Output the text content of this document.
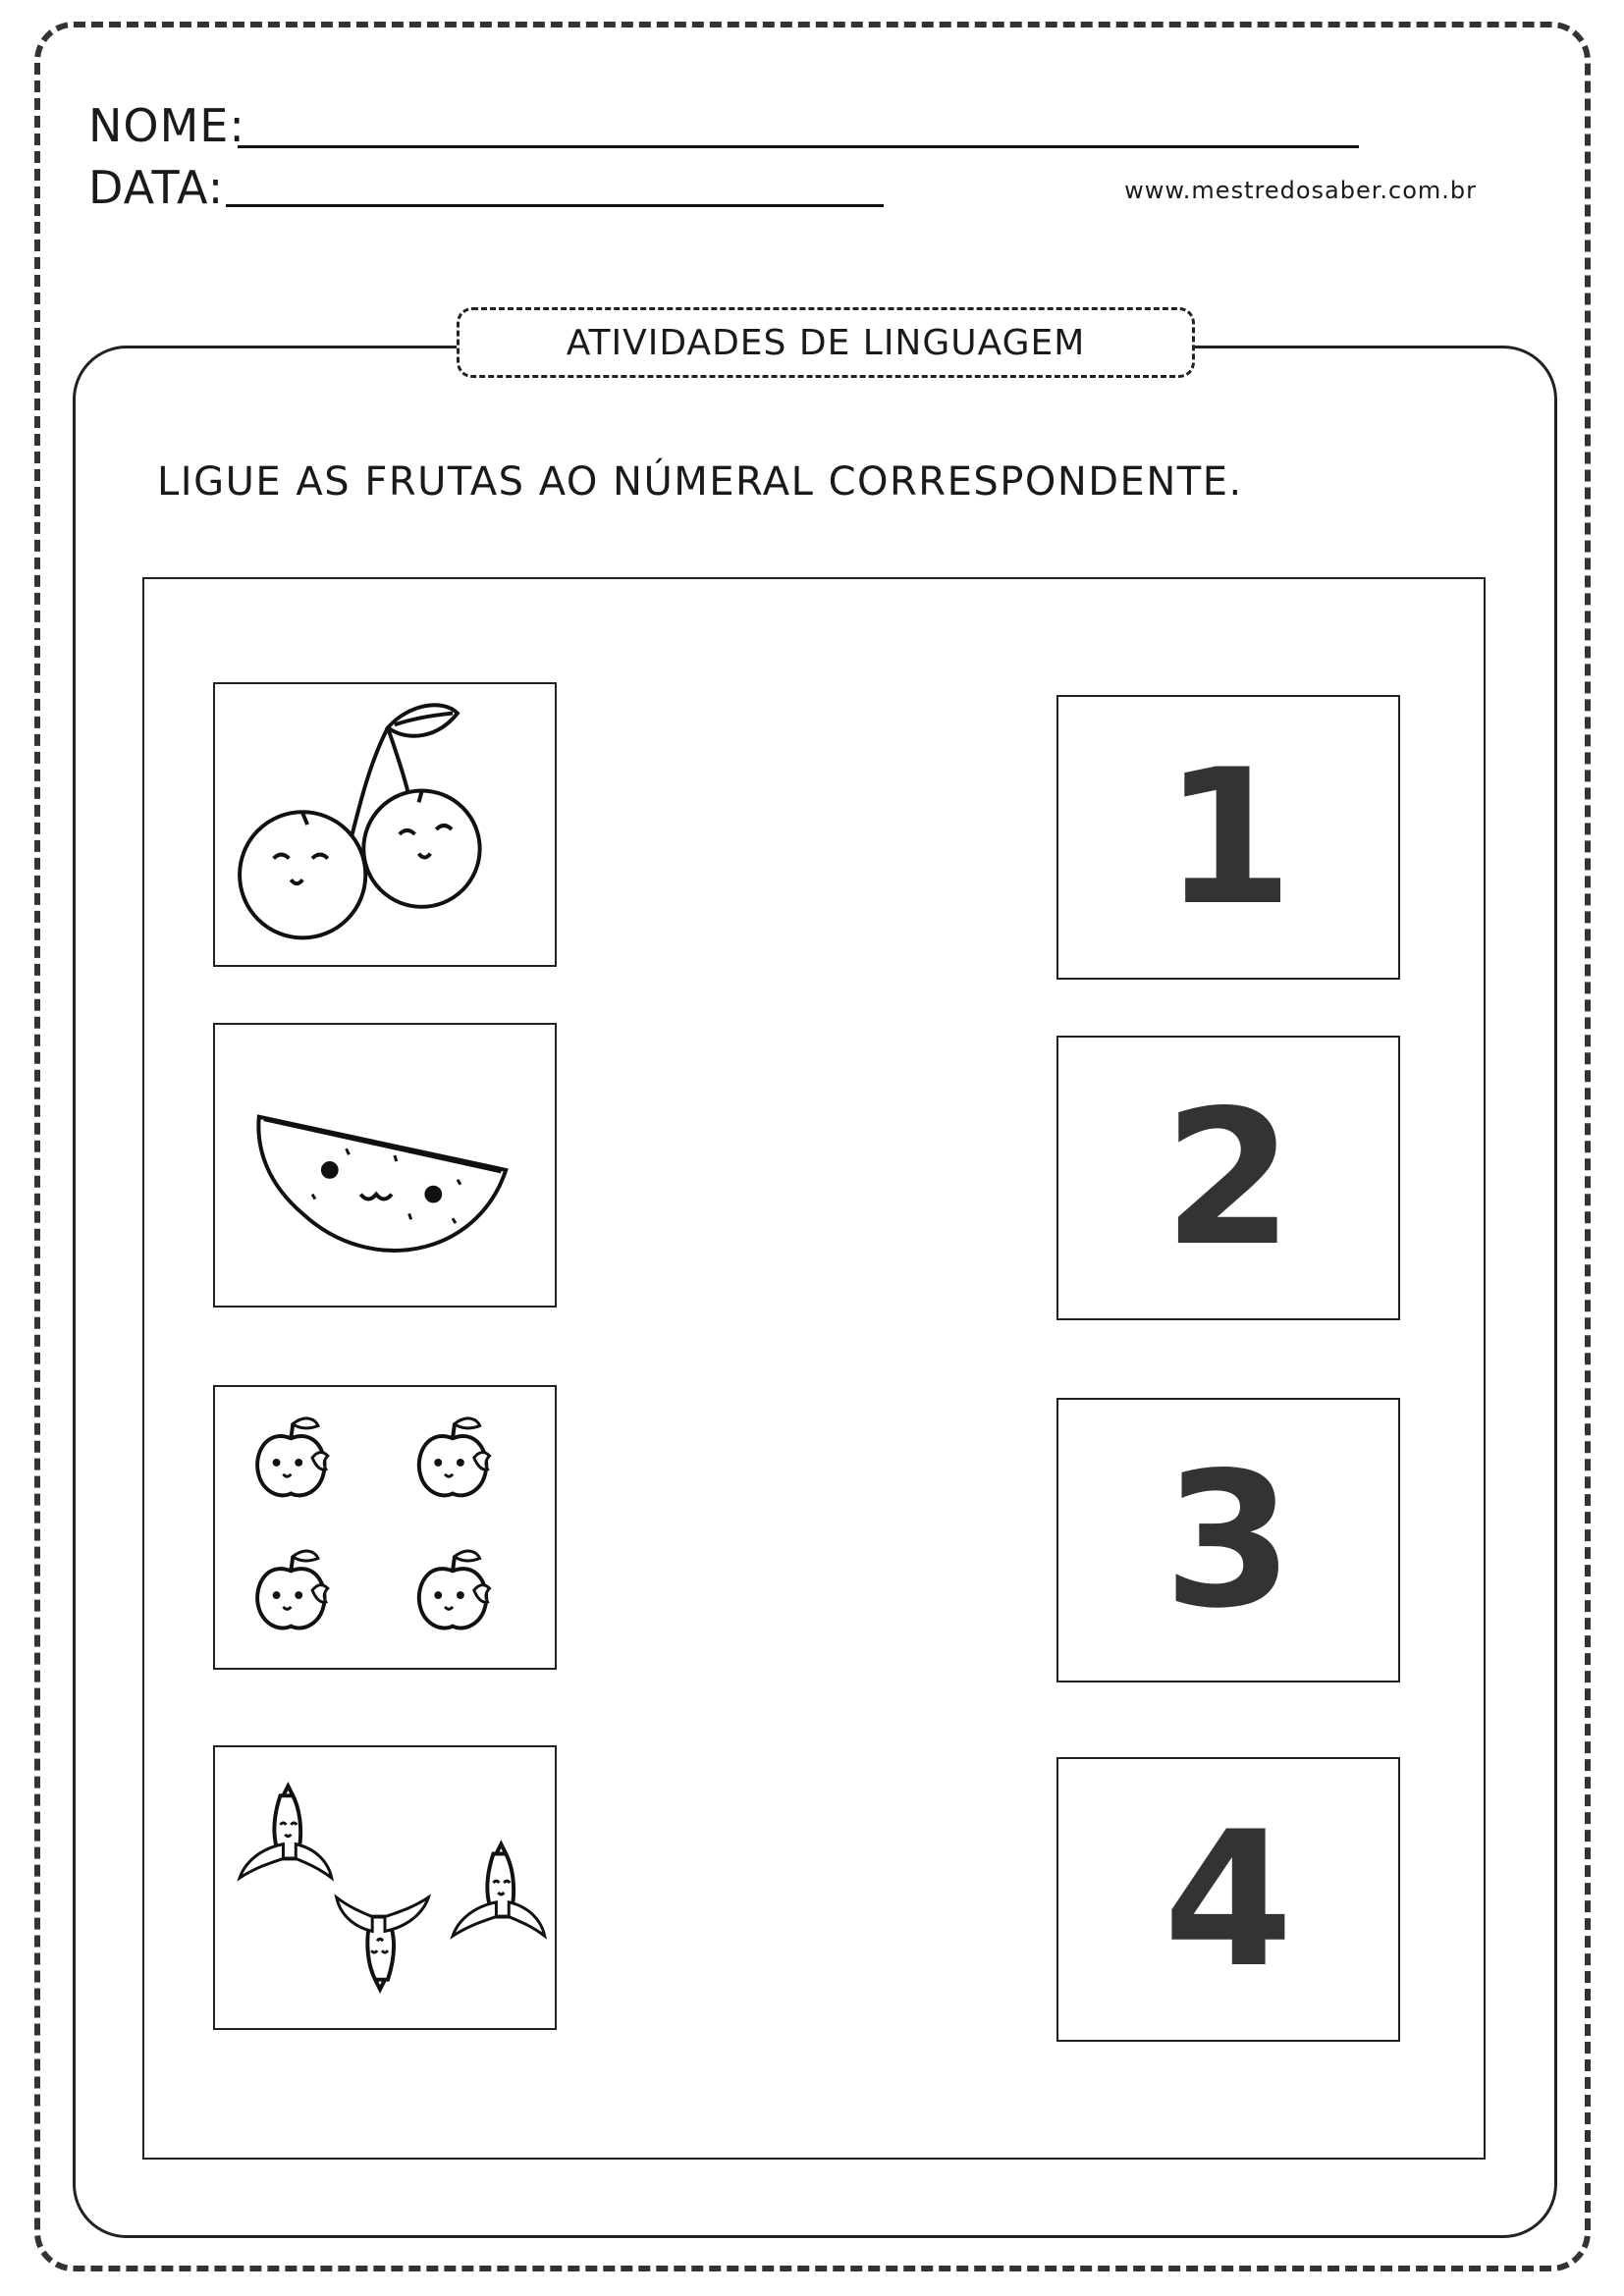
NOME:
DATA:	www.mestredosaber.com.br
ATIVIDADES DE LINGUAGEM
LIGUE AS FRUTAS AO NÚMERAL CORRESPONDENTE.
1
2
3
4
